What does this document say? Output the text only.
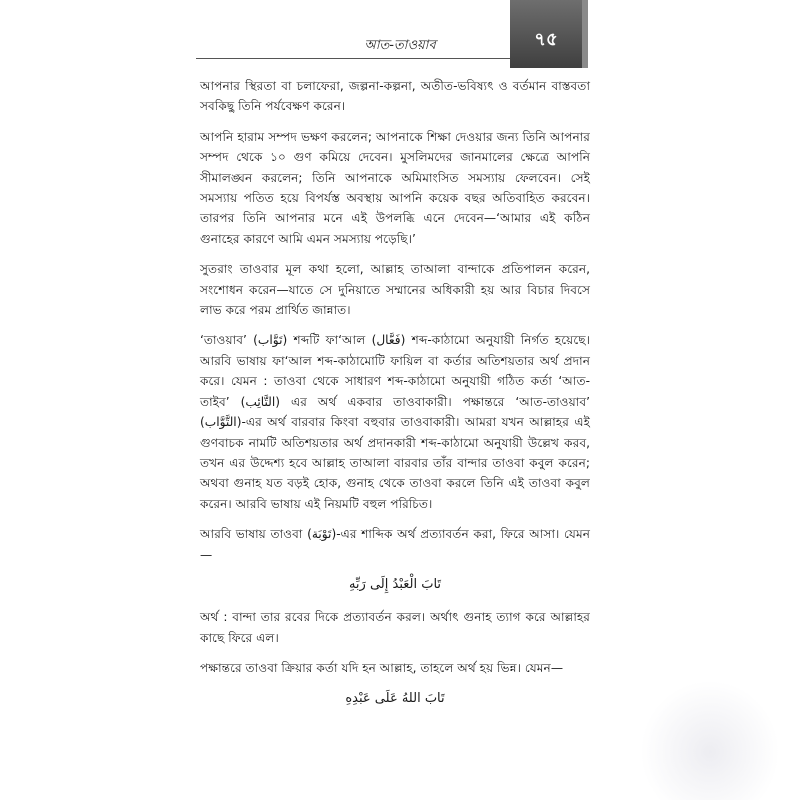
আত-তাওয়াব	৭৫

আপনার স্থিরতা বা চলাফেরা, জল্পনা-কল্পনা, অতীত-ভবিষ্যৎ ও বর্তমান বাস্তবতা সবকিছু তিনি পর্যবেক্ষণ করেন।

আপনি হারাম সম্পদ ভক্ষণ করলেন; আপনাকে শিক্ষা দেওয়ার জন্য তিনি আপনার সম্পদ থেকে ১০ গুণ কমিয়ে দেবেন। মুসলিমদের জানমালের ক্ষেত্রে আপনি সীমালঙ্ঘন করলেন; তিনি আপনাকে অমিমাংসিত সমস্যায় ফেলবেন। সেই সমস্যায় পতিত হয়ে বিপর্যস্ত অবস্থায় আপনি কয়েক বছর অতিবাহিত করবেন। তারপর তিনি আপনার মনে এই উপলব্ধি এনে দেবেন—‘আমার এই কঠিন গুনাহের কারণে আমি এমন সমস্যায় পড়েছি।’

সুতরাং তাওবার মূল কথা হলো, আল্লাহ তাআলা বান্দাকে প্রতিপালন করেন, সংশোধন করেন—যাতে সে দুনিয়াতে সম্মানের অধিকারী হয় আর বিচার দিবসে লাভ করে পরম প্রার্থিত জান্নাত।

‘তাওয়াব’ (تَوَّاب) শব্দটি ফা‘আল (فَعَّال) শব্দ-কাঠামো অনুযায়ী নির্গত হয়েছে। আরবি ভাষায় ফা‘আল শব্দ-কাঠামোটি ফায়িল বা কর্তার অতিশয়তার অর্থ প্রদান করে। যেমন : তাওবা থেকে সাধারণ শব্দ-কাঠামো অনুযায়ী গঠিত কর্তা ‘আত-তাইব’ (التَّائِب) এর অর্থ একবার তাওবাকারী। পক্ষান্তরে ‘আত-তাওয়াব’ (التَّوَّاب)-এর অর্থ বারবার কিংবা বহুবার তাওবাকারী। আমরা যখন আল্লাহর এই গুণবাচক নামটি অতিশয়তার অর্থ প্রদানকারী শব্দ-কাঠামো অনুযায়ী উল্লেখ করব, তখন এর উদ্দেশ্য হবে আল্লাহ তাআলা বারবার তাঁর বান্দার তাওবা কবুল করেন; অথবা গুনাহ যত বড়ই হোক, গুনাহ থেকে তাওবা করলে তিনি এই তাওবা কবুল করেন। আরবি ভাষায় এই নিয়মটি বহুল পরিচিত।

আরবি ভাষায় তাওবা (تَوْبَة)-এর শাব্দিক অর্থ প্রত্যাবর্তন করা, ফিরে আসা। যেমন—

تَابَ الْعَبْدُ إِلَى رَبِّهِ

অর্থ : বান্দা তার রবের দিকে প্রত্যাবর্তন করল। অর্থাৎ গুনাহ ত্যাগ করে আল্লাহর কাছে ফিরে এল।

পক্ষান্তরে তাওবা ক্রিয়ার কর্তা যদি হন আল্লাহ, তাহলে অর্থ হয় ভিন্ন। যেমন—

تَابَ اللهُ عَلَى عَبْدِهِ
